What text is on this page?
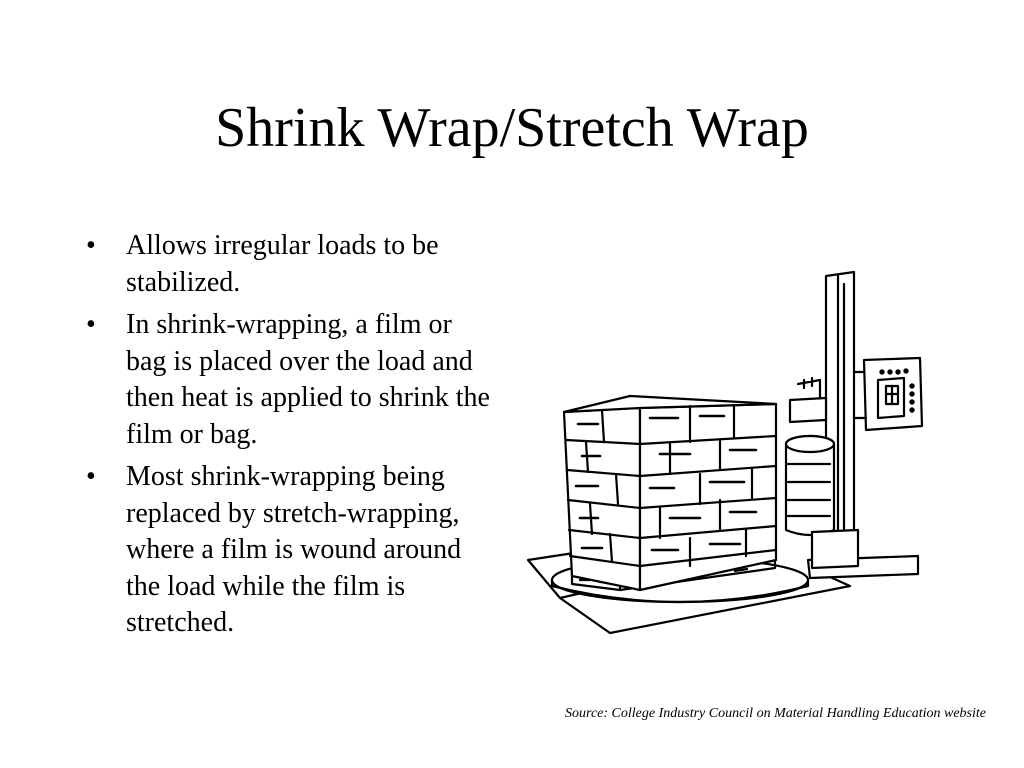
Shrink Wrap/Stretch Wrap
• Allows irregular loads to be stabilized.
• In shrink-wrapping, a film or bag is placed over the load and then heat is applied to shrink the film or bag.
• Most shrink-wrapping being replaced by stretch-wrapping, where a film is wound around the load while the film is stretched.
Source: College Industry Council on Material Handling Education website
